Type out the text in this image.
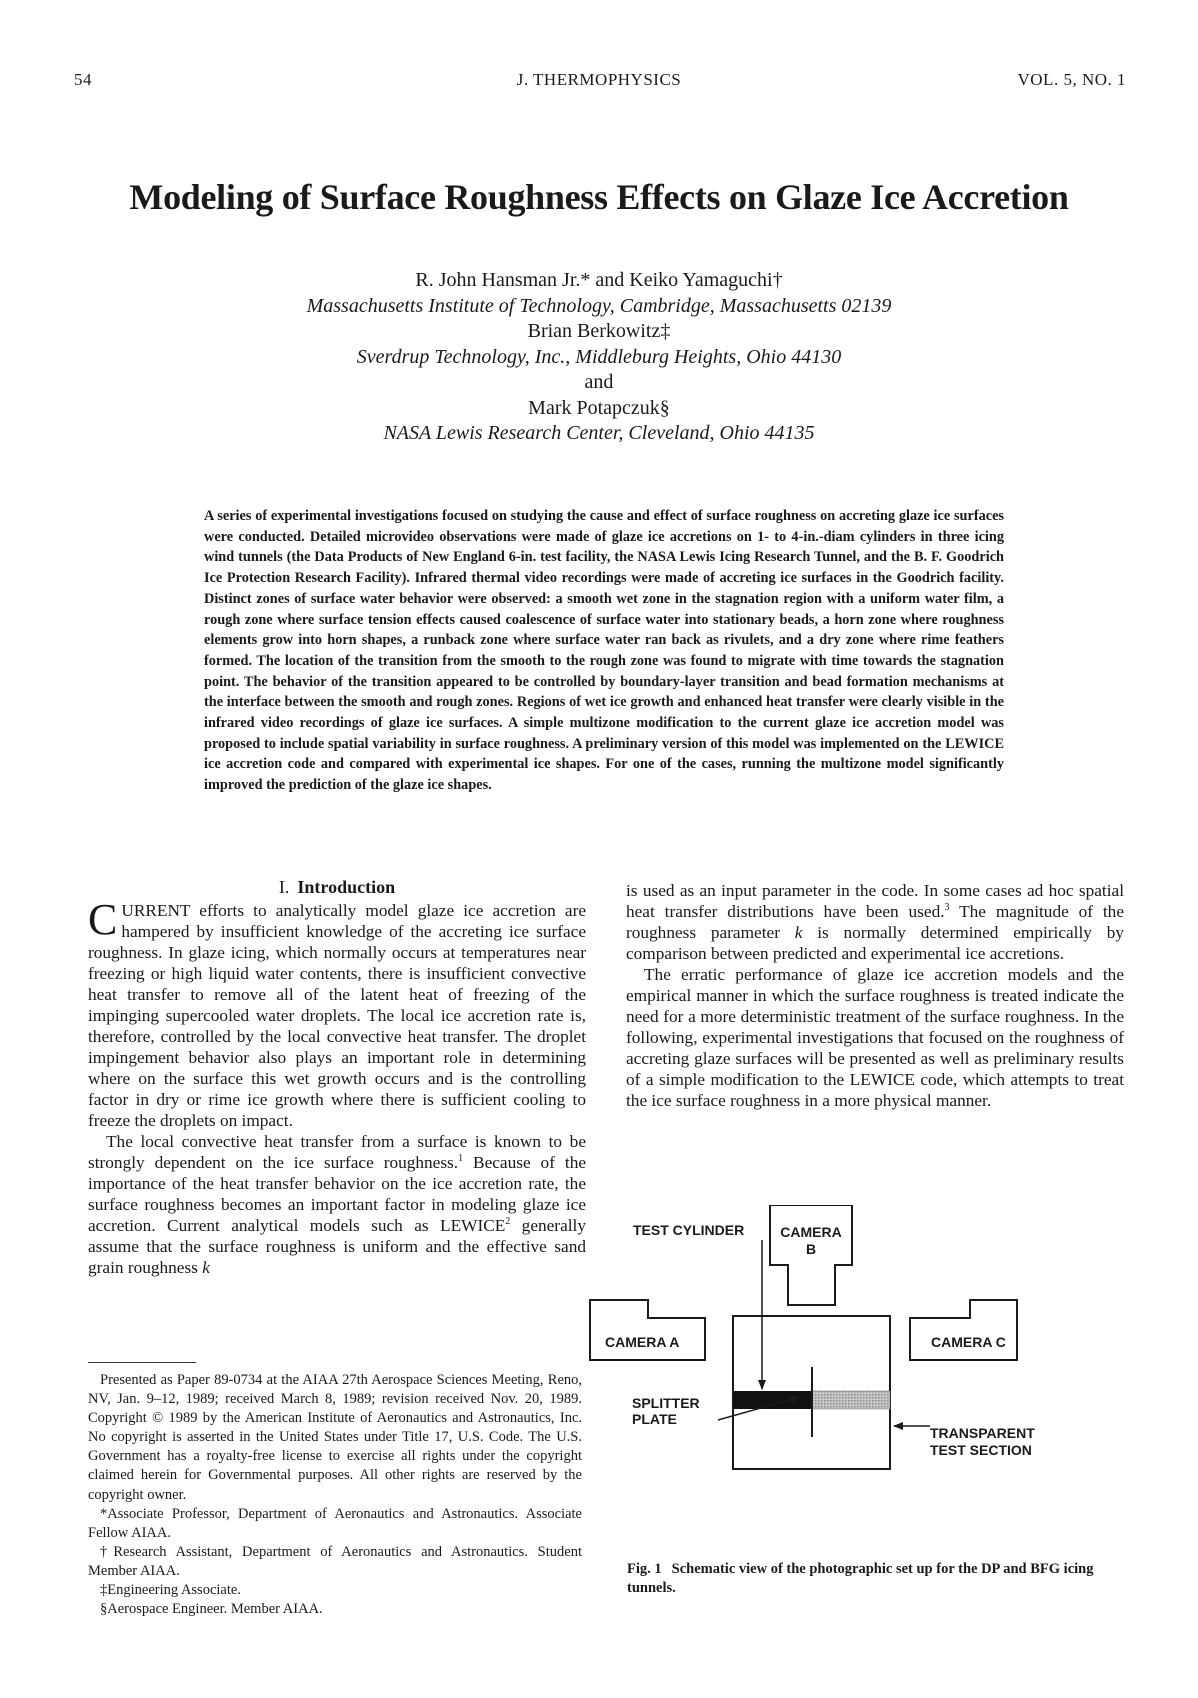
54	J. THERMOPHYSICS	VOL. 5, NO. 1
Modeling of Surface Roughness Effects on Glaze Ice Accretion
R. John Hansman Jr.* and Keiko Yamaguchi†
Massachusetts Institute of Technology, Cambridge, Massachusetts 02139
Brian Berkowitz‡
Sverdrup Technology, Inc., Middleburg Heights, Ohio 44130
and
Mark Potapczuk§
NASA Lewis Research Center, Cleveland, Ohio 44135
A series of experimental investigations focused on studying the cause and effect of surface roughness on accreting glaze ice surfaces were conducted. Detailed microvideo observations were made of glaze ice accretions on 1- to 4-in.-diam cylinders in three icing wind tunnels (the Data Products of New England 6-in. test facility, the NASA Lewis Icing Research Tunnel, and the B. F. Goodrich Ice Protection Research Facility). Infrared thermal video recordings were made of accreting ice surfaces in the Goodrich facility. Distinct zones of surface water behavior were observed: a smooth wet zone in the stagnation region with a uniform water film, a rough zone where surface tension effects caused coalescence of surface water into stationary beads, a horn zone where roughness elements grow into horn shapes, a runback zone where surface water ran back as rivulets, and a dry zone where rime feathers formed. The location of the transition from the smooth to the rough zone was found to migrate with time towards the stagnation point. The behavior of the transition appeared to be controlled by boundary-layer transition and bead formation mechanisms at the interface between the smooth and rough zones. Regions of wet ice growth and enhanced heat transfer were clearly visible in the infrared video recordings of glaze ice surfaces. A simple multizone modification to the current glaze ice accretion model was proposed to include spatial variability in surface roughness. A preliminary version of this model was implemented on the LEWICE ice accretion code and compared with experimental ice shapes. For one of the cases, running the multizone model significantly improved the prediction of the glaze ice shapes.
I. Introduction

CURRENT efforts to analytically model glaze ice accretion are hampered by insufficient knowledge of the accreting ice surface roughness. In glaze icing, which normally occurs at temperatures near freezing or high liquid water contents, there is insufficient convective heat transfer to remove all of the latent heat of freezing of the impinging supercooled water droplets. The local ice accretion rate is, therefore, controlled by the local convective heat transfer. The droplet impingement behavior also plays an important role in determining where on the surface this wet growth occurs and is the controlling factor in dry or rime ice growth where there is sufficient cooling to freeze the droplets on impact.

The local convective heat transfer from a surface is known to be strongly dependent on the ice surface roughness.$^1$ Because of the importance of the heat transfer behavior on the ice accretion rate, the surface roughness becomes an important factor in modeling glaze ice accretion. Current analytical models such as LEWICE$^2$ generally assume that the surface roughness is uniform and the effective sand grain roughness k

is used as an input parameter in the code. In some cases ad hoc spatial heat transfer distributions have been used.$^3$ The magnitude of the roughness parameter k is normally determined empirically by comparison between predicted and experimental ice accretions.

The erratic performance of glaze ice accretion models and the empirical manner in which the surface roughness is treated indicate the need for a more deterministic treatment of the surface roughness. In the following, experimental investigations that focused on the roughness of accreting glaze surfaces will be presented as well as preliminary results of a simple modification to the LEWICE code, which attempts to treat the ice surface roughness in a more physical manner.

Presented as Paper 89-0734 at the AIAA 27th Aerospace Sciences Meeting, Reno, NV, Jan. 9–12, 1989; received March 8, 1989; revision received Nov. 20, 1989. Copyright © 1989 by the American Institute of Aeronautics and Astronautics, Inc. No copyright is asserted in the United States under Title 17, U.S. Code. The U.S. Government has a royalty-free license to exercise all rights under the copyright claimed herein for Governmental purposes. All other rights are reserved by the copyright owner.

*Associate Professor, Department of Aeronautics and Astronautics. Associate Fellow AIAA.

†Research Assistant, Department of Aeronautics and Astronautics. Student Member AIAA.

‡Engineering Associate.

§Aerospace Engineer. Member AIAA.

CAMERA
B
TEST CYLINDER
TRANSPARENT
TEST SECTION
SPLITTER
PLATE
CAMERA A	CAMERA C
Fig. 1 Schematic view of the photographic set up for the DP and BFG icing tunnels.
